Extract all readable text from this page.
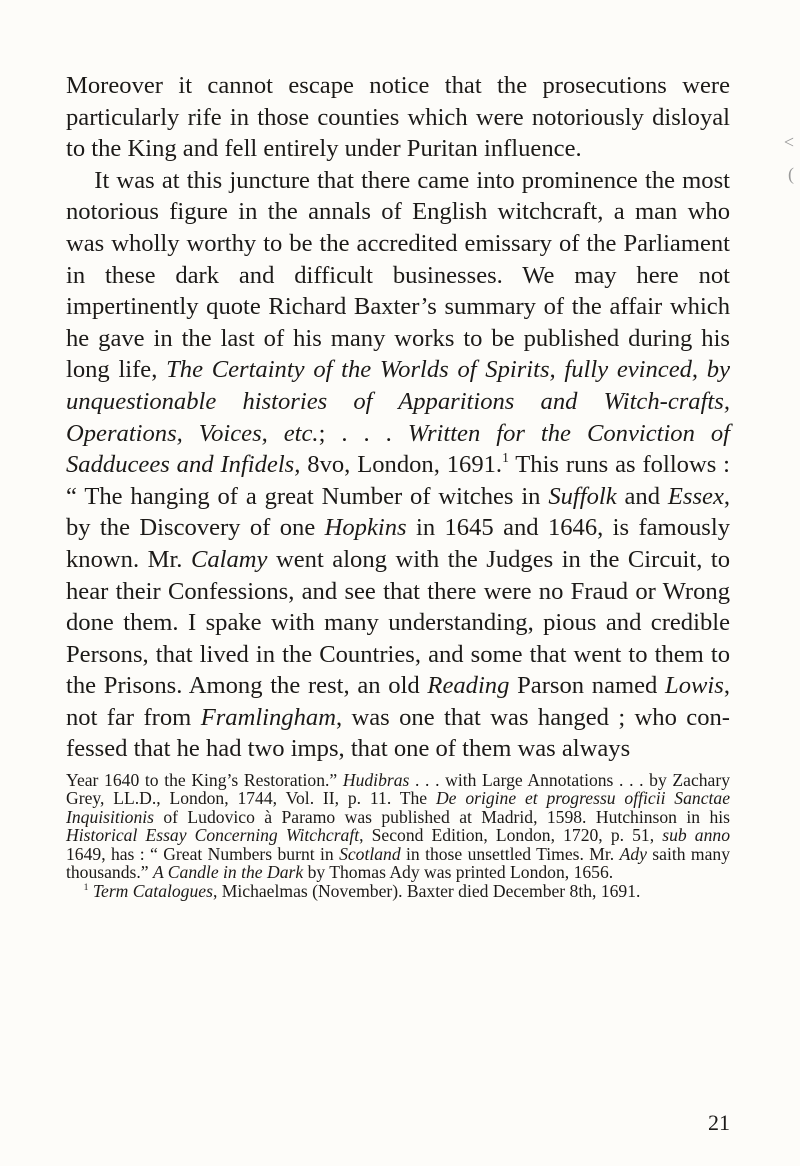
Moreover it cannot escape notice that the prosecutions were particularly rife in those counties which were notoriously disloyal to the King and fell entirely under Puritan influence.

It was at this juncture that there came into prominence the most notorious figure in the annals of English witchcraft, a man who was wholly worthy to be the accredited emissary of the Parliament in these dark and difficult businesses. We may here not impertinently quote Richard Baxter’s summary of the affair which he gave in the last of his many works to be published during his long life, The Certainty of the Worlds of Spirits, fully evinced, by unquestionable histories of Apparitions and Witch-crafts, Operations, Voices, etc.; . . . Written for the Conviction of Sadducees and Infidels, 8vo, London, 1691.$^1$ This runs as follows : “ The hanging of a great Number of witches in Suffolk and Essex, by the Discovery of one Hopkins in 1645 and 1646, is famously known. Mr. Calamy went along with the Judges in the Circuit, to hear their Confessions, and see that there were no Fraud or Wrong done them. I spake with many understanding, pious and credible Persons, that lived in the Countries, and some that went to them to the Prisons. Among the rest, an old Reading Parson named Lowis, not far from Framlingham, was one that was hanged ; who confessed that he had two imps, that one of them was always

Year 1640 to the King’s Restoration.” Hudibras . . . with Large Annotations . . . by Zachary Grey, LL.D., London, 1744, Vol. II, p. 11. The De origine et progressu officii Sanctae Inquisitionis of Ludovico à Paramo was published at Madrid, 1598. Hutchinson in his Historical Essay Concerning Witchcraft, Second Edition, London, 1720, p. 51, sub anno 1649, has : “ Great Numbers burnt in Scotland in those unsettled Times. Mr. Ady saith many thousands.” A Candle in the Dark by Thomas Ady was printed London, 1656.

$^1$ Term Catalogues, Michaelmas (November). Baxter died December 8th, 1691.

21
<
(
